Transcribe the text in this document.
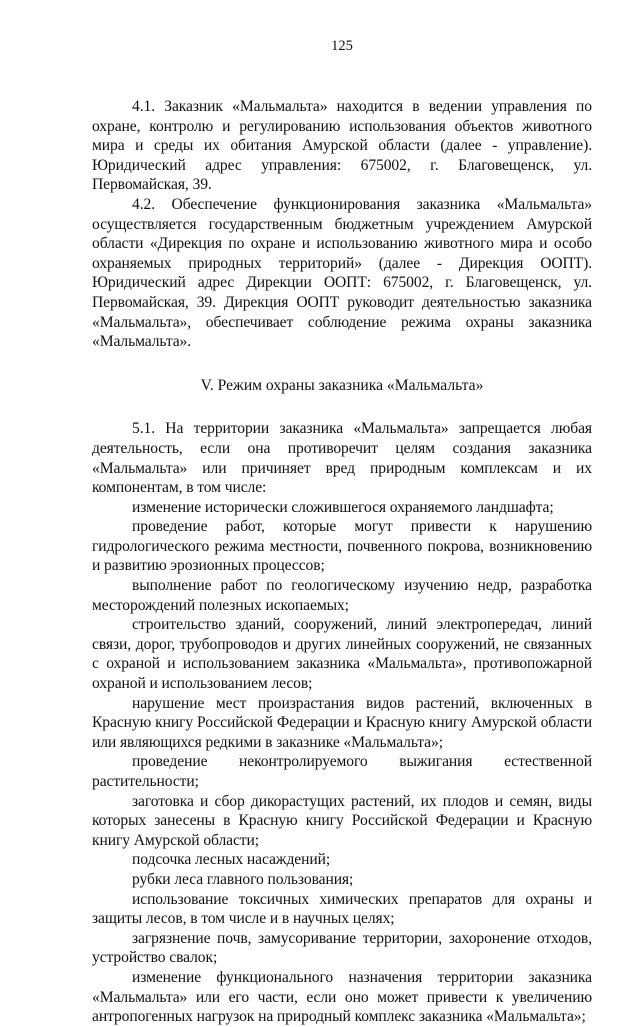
125

4.1. Заказник «Мальмальта» находится в ведении управления по охране, контролю и регулированию использования объектов животного мира и среды их обитания Амурской области (далее - управление). Юридический адрес управления: 675002, г. Благовещенск, ул. Первомайская, 39.

4.2. Обеспечение функционирования заказника «Мальмальта» осуществляется государственным бюджетным учреждением Амурской области «Дирекция по охране и использованию животного мира и особо охраняемых природных территорий» (далее - Дирекция ООПТ). Юридический адрес Дирекции ООПТ: 675002, г. Благовещенск, ул. Первомайская, 39. Дирекция ООПТ руководит деятельностью заказника «Мальмальта», обеспечивает соблюдение режима охраны заказника «Мальмальта».

V. Режим охраны заказника «Мальмальта»

5.1. На территории заказника «Мальмальта» запрещается любая деятельность, если она противоречит целям создания заказника «Мальмальта» или причиняет вред природным комплексам и их компонентам, в том числе:

изменение исторически сложившегося охраняемого ландшафта;

проведение работ, которые могут привести к нарушению гидрологического режима местности, почвенного покрова, возникновению и развитию эрозионных процессов;

выполнение работ по геологическому изучению недр, разработка месторождений полезных ископаемых;

строительство зданий, сооружений, линий электропередач, линий связи, дорог, трубопроводов и других линейных сооружений, не связанных с охраной и использованием заказника «Мальмальта», противопожарной охраной и использованием лесов;

нарушение мест произрастания видов растений, включенных в Красную книгу Российской Федерации и Красную книгу Амурской области или являющихся редкими в заказнике «Мальмальта»;

проведение неконтролируемого выжигания естественной растительности;

заготовка и сбор дикорастущих растений, их плодов и семян, виды которых занесены в Красную книгу Российской Федерации и Красную книгу Амурской области;

подсочка лесных насаждений;

рубки леса главного пользования;

использование токсичных химических препаратов для охраны и защиты лесов, в том числе и в научных целях;

загрязнение почв, замусоривание территории, захоронение отходов, устройство свалок;

изменение функционального назначения территории заказника «Мальмальта» или его части, если оно может привести к увеличению антропогенных нагрузок на природный комплекс заказника «Мальмальта»;
